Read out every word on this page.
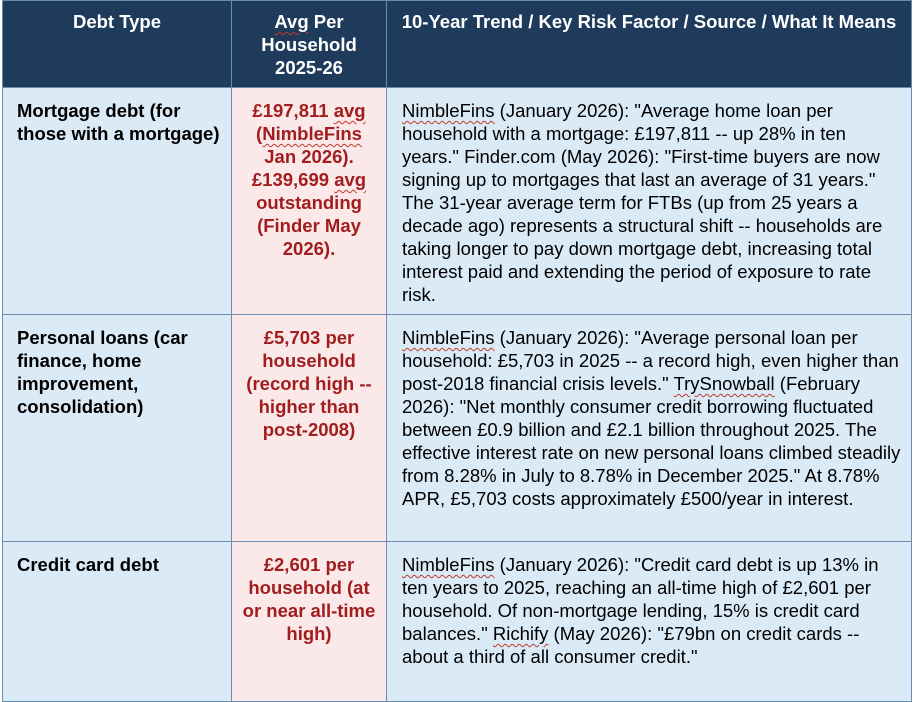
Debt Type	Avg Per Household 2025-26	10-Year Trend / Key Risk Factor / Source / What It Means
Mortgage debt (for those with a mortgage)	£197,811 avg (NimbleFins Jan 2026). £139,699 avg outstanding (Finder May 2026).	NimbleFins (January 2026): "Average home loan per household with a mortgage: £197,811 -- up 28% in ten years." Finder.com (May 2026): "First-time buyers are now signing up to mortgages that last an average of 31 years." The 31-year average term for FTBs (up from 25 years a decade ago) represents a structural shift -- households are taking longer to pay down mortgage debt, increasing total interest paid and extending the period of exposure to rate risk.
Personal loans (car finance, home improvement, consolidation)	£5,703 per household (record high -- higher than post-2008)	NimbleFins (January 2026): "Average personal loan per household: £5,703 in 2025 -- a record high, even higher than post-2018 financial crisis levels." TrySnowball (February 2026): "Net monthly consumer credit borrowing fluctuated between £0.9 billion and £2.1 billion throughout 2025. The effective interest rate on new personal loans climbed steadily from 8.28% in July to 8.78% in December 2025." At 8.78% APR, £5,703 costs approximately £500/year in interest.
Credit card debt	£2,601 per household (at or near all-time high)	NimbleFins (January 2026): "Credit card debt is up 13% in ten years to 2025, reaching an all-time high of £2,601 per household. Of non-mortgage lending, 15% is credit card balances." Richify (May 2026): "£79bn on credit cards -- about a third of all consumer credit."
